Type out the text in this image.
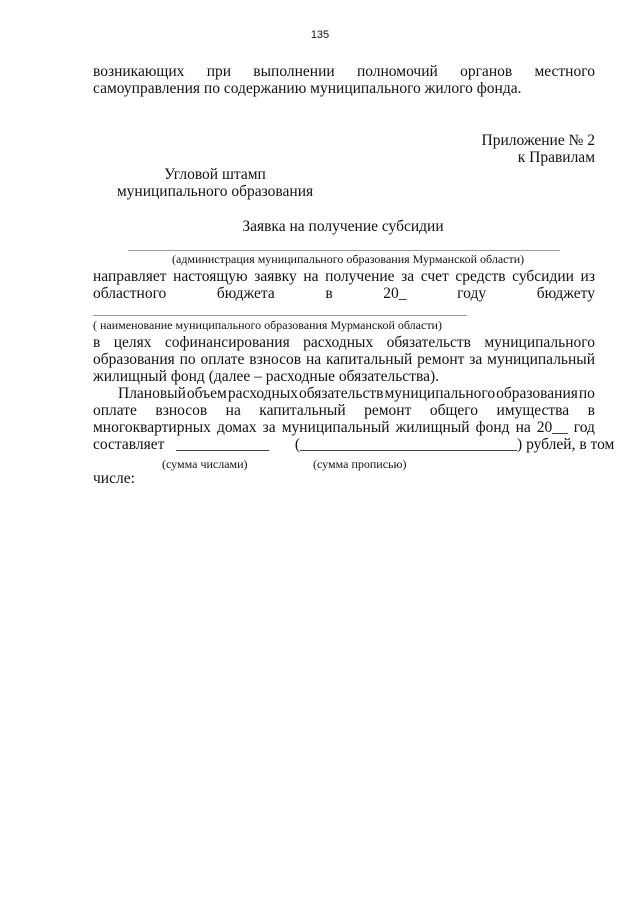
135
возникающих при выполнении полномочий органов местного
самоуправления по содержанию муниципального жилого фонда.
Приложение № 2
к Правилам
Угловой штамп
муниципального образования
Заявка на получение субсидии
(администрация муниципального образования Мурманской области)
направляет настоящую заявку на получение за счет средств субсидии из
областного	бюджета	в	20_	году	бюджету
( наименование муниципального образования Мурманской области)
в целях софинансирования расходных обязательств муниципального
образования по оплате взносов на капитальный ремонт за муниципальный
жилищный фонд (далее – расходные обязательства).
Плановый объем расходных обязательств муниципального образования по
оплате взносов на капитальный ремонт общего имущества в
многоквартирных домах за муниципальный жилищный фонд на 20__ год
составляет ____________ (____________________________) рублей, в том
(сумма числами)	(сумма прописью)
числе:
